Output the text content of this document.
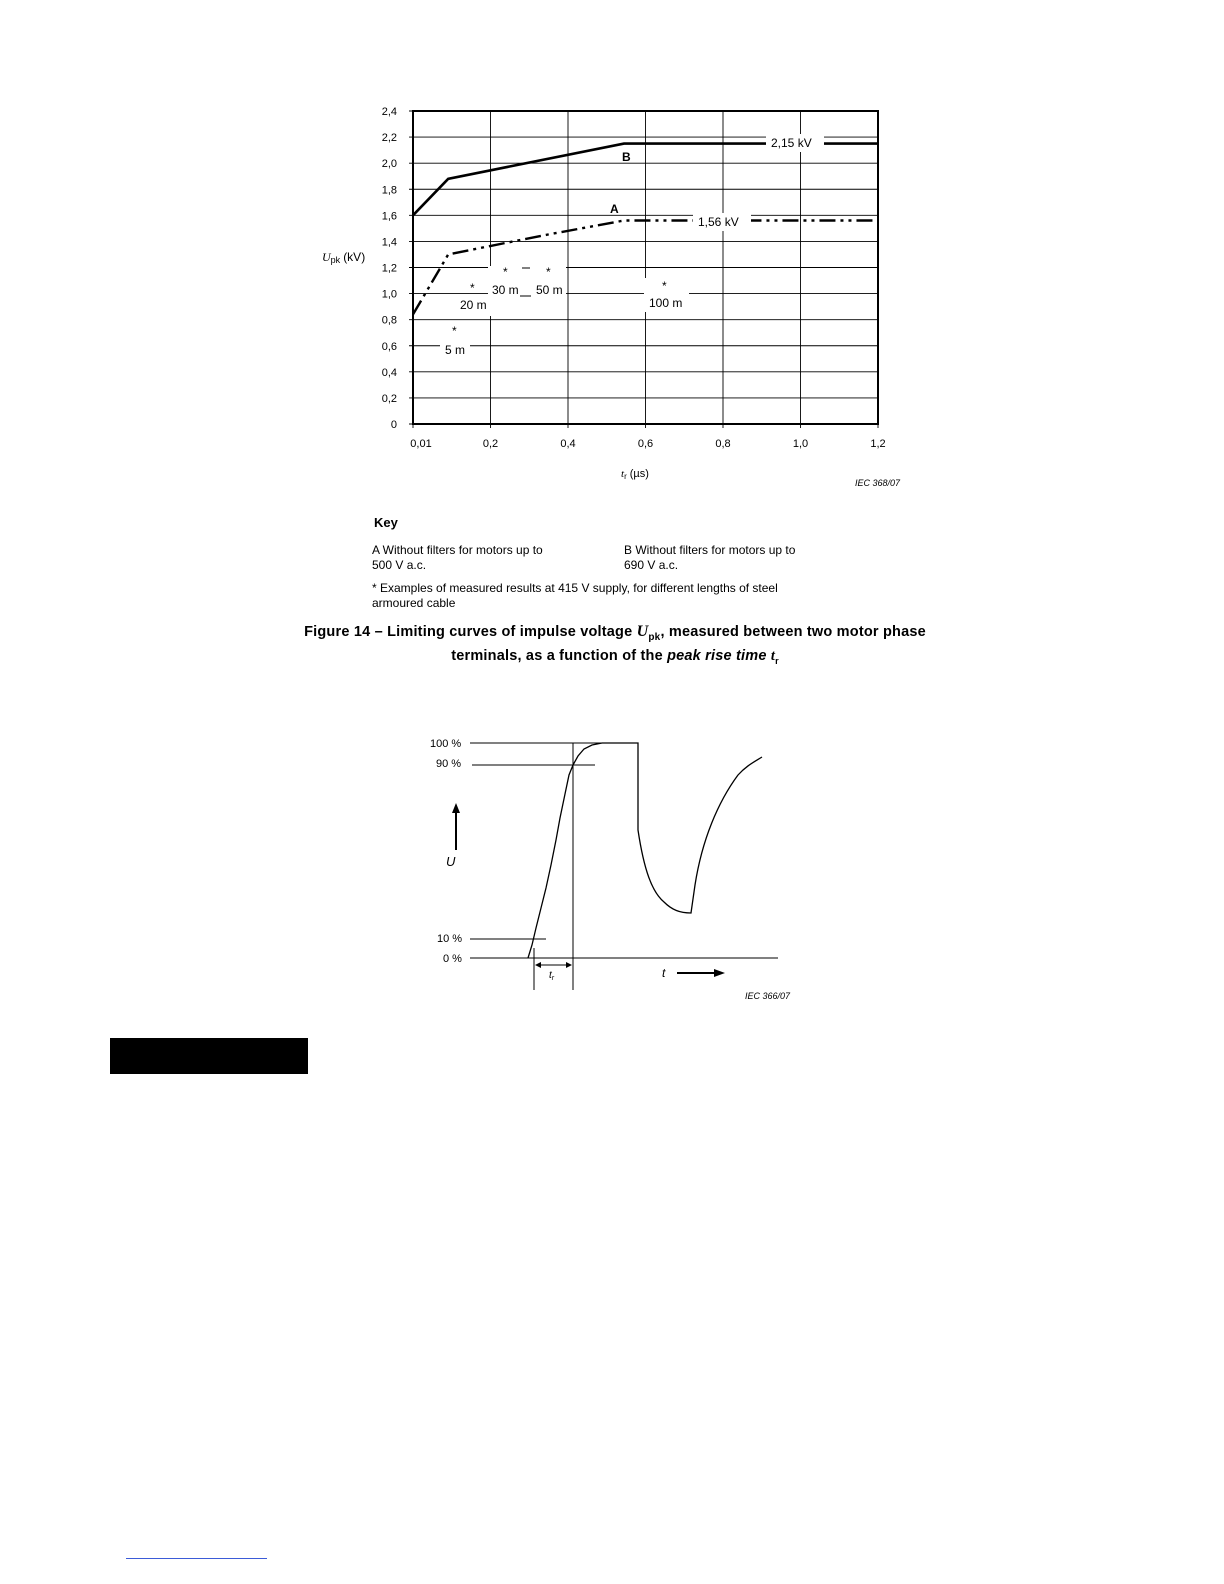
0
0,2
0,4
0,6
0,8
1,0
1,2
1,4
1,6
1,8
2,0
2,2
2,4
0,01	0,2	0,4	0,6	0,8	1,0	1,2
2,15 kV
1,56 kV
B
A
*
20 m
*
30 m
*
50 m
*
5 m
*
100 m
Upk (kV)
tr (µs)
IEC 368/07
Key
A Without filters for motors up to
500 V a.c.
B Without filters for motors up to
690 V a.c.
* Examples of measured results at 415 V supply, for different lengths of steel
armoured cable
Figure 14 – Limiting curves of impulse voltage $U_{pk}$, measured between two motor phase
terminals, as a function of the peak rise time $t_r$
100 %
90 %
10 %
0 %
$t_r$
U
t
IEC 366/07
